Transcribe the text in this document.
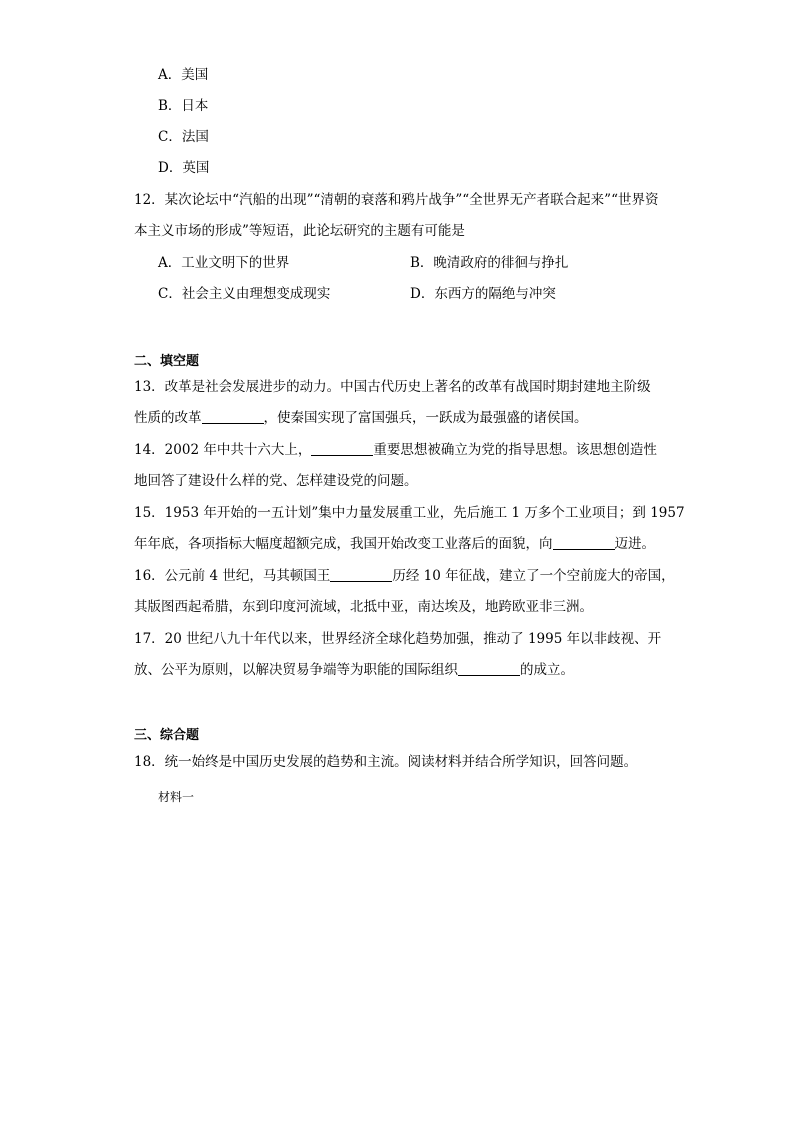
A．美国
B．日本
C．法国
D．英国
12．某次论坛中“汽船的出现”“清朝的衰落和鸦片战争”“全世界无产者联合起来”“世界资
本主义市场的形成”等短语，此论坛研究的主题有可能是
A．工业文明下的世界	B．晚清政府的徘徊与挣扎
C．社会主义由理想变成现实	D．东西方的隔绝与冲突
二、填空题
13．改革是社会发展进步的动力。中国古代历史上著名的改革有战国时期封建地主阶级
性质的改革	，使秦国实现了富国强兵，一跃成为最强盛的诸侯国。
14．2002 年中共十六大上，	重要思想被确立为党的指导思想。该思想创造性
地回答了建设什么样的党、怎样建设党的问题。
15．1953 年开始的一五计划”集中力量发展重工业，先后施工 1 万多个工业项目；到 1957
年年底，各项指标大幅度超额完成，我国开始改变工业落后的面貌，向	迈进。
16．公元前 4 世纪，马其顿国王	历经 10 年征战，建立了一个空前庞大的帝国，
其版图西起希腊，东到印度河流域，北抵中亚，南达埃及，地跨欧亚非三洲。
17．20 世纪八九十年代以来，世界经济全球化趋势加强，推动了 1995 年以非歧视、开
放、公平为原则，以解决贸易争端等为职能的国际组织	的成立。
三、综合题
18．统一始终是中国历史发展的趋势和主流。阅读材料并结合所学知识，回答问题。
材料一
